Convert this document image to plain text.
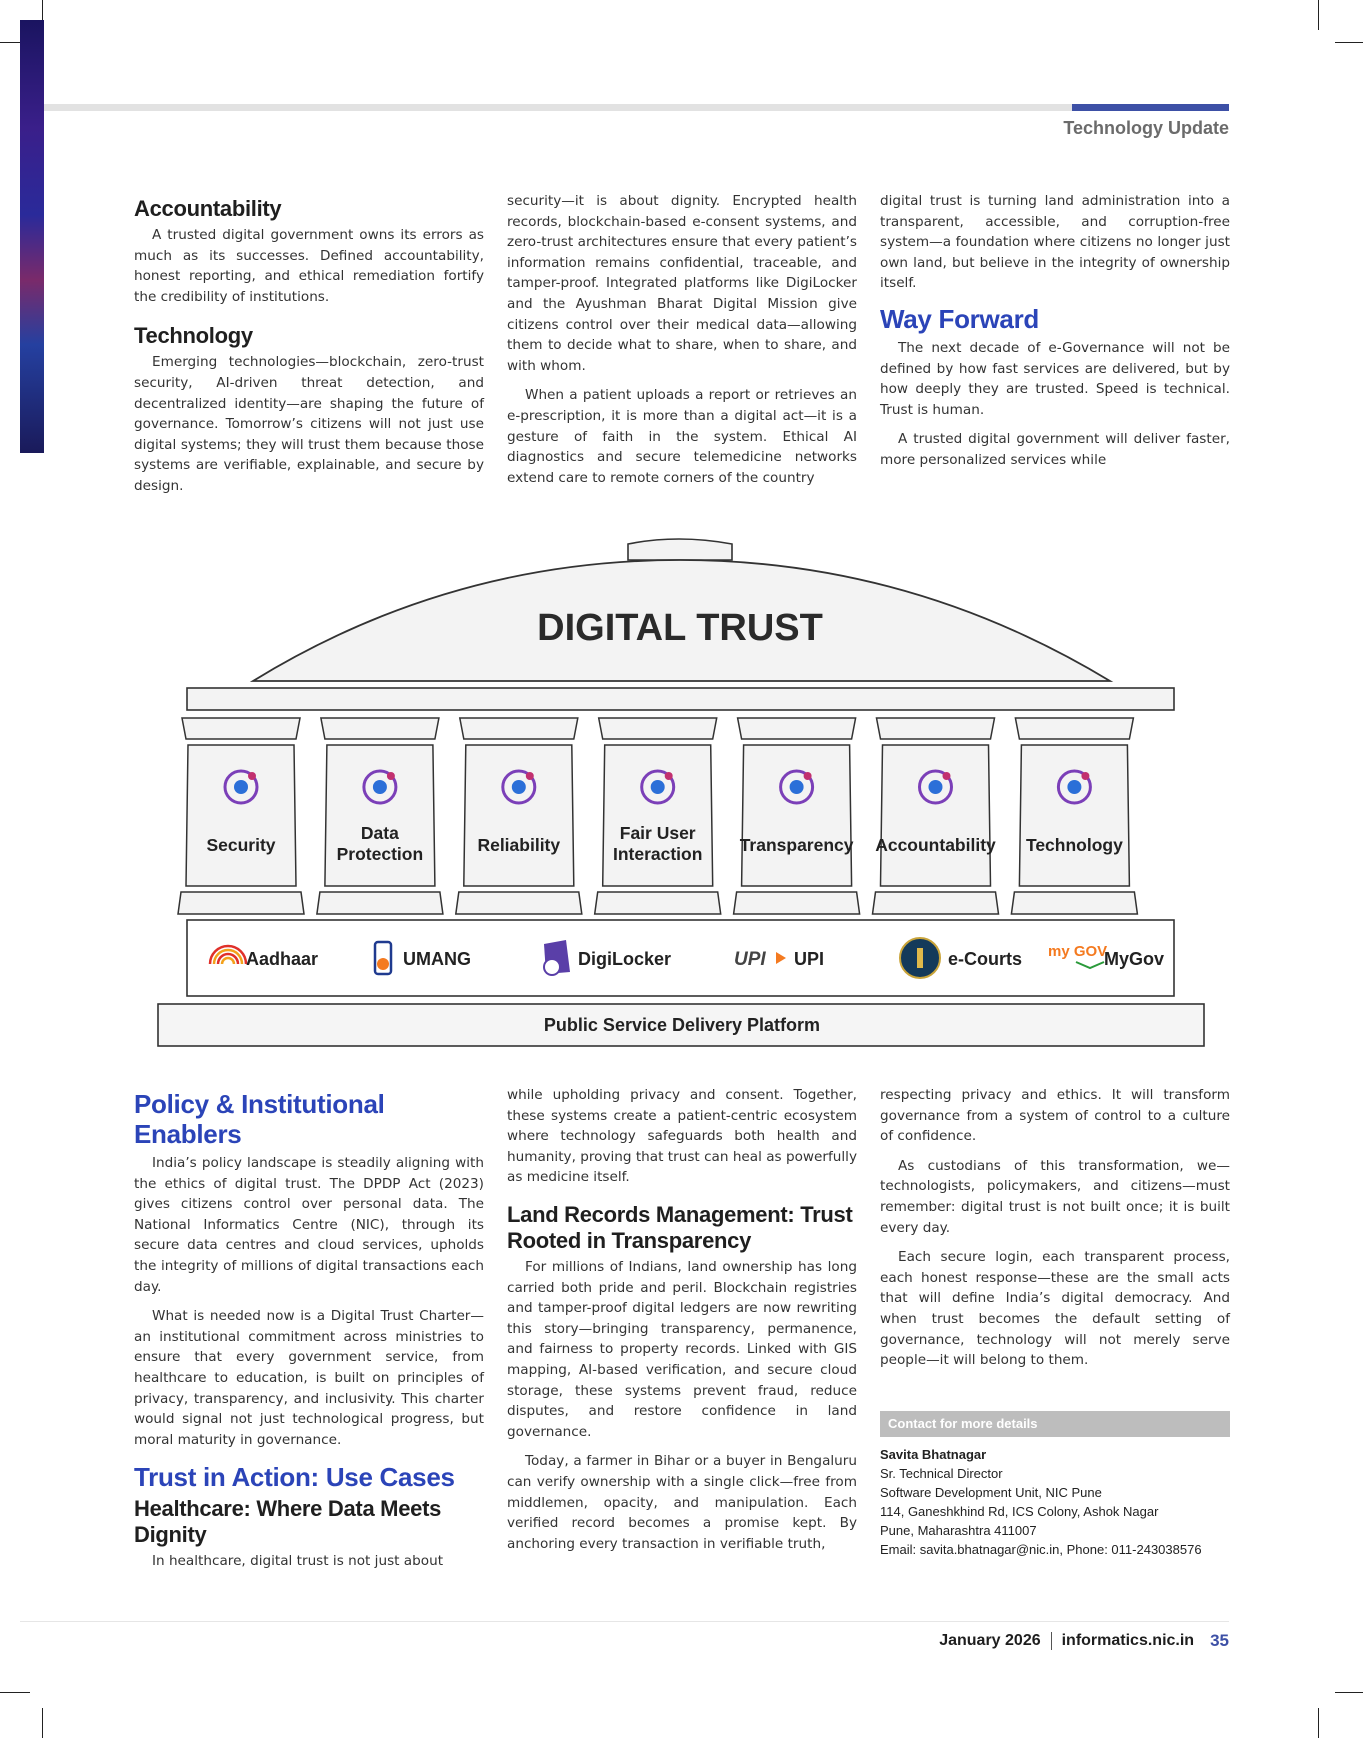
Technology Update
Accountability

A trusted digital government owns its errors as much as its successes. Defined accountability, honest reporting, and ethical remediation fortify the credibility of institutions.

Technology

Emerging technologies—blockchain, zero-trust security, AI-driven threat detection, and decentralized identity—are shaping the future of governance. Tomorrow’s citizens will not just use digital systems; they will trust them because those systems are verifiable, explainable, and secure by design.

security—it is about dignity. Encrypted health records, blockchain-based e-consent systems, and zero-trust architectures ensure that every patient’s information remains confidential, traceable, and tamper-proof. Integrated platforms like DigiLocker and the Ayushman Bharat Digital Mission give citizens control over their medical data—allowing them to decide what to share, when to share, and with whom.

When a patient uploads a report or retrieves an e-prescription, it is more than a digital act—it is a gesture of faith in the system. Ethical AI diagnostics and secure telemedicine networks extend care to remote corners of the country

digital trust is turning land administration into a transparent, accessible, and corruption-free system—a foundation where citizens no longer just own land, but believe in the integrity of ownership itself.

Way Forward

The next decade of e-Governance will not be defined by how fast services are delivered, but by how deeply they are trusted. Speed is technical. Trust is human.

A trusted digital government will deliver faster, more personalized services while

DIGITAL TRUST
Security
Data Protection	Reliability
Fair User Interaction Transparency Accountability Technology
Aadhaar	UMANG	DigiLocker	UPI UPI	e-Courts my GOV
MyGov
Public Service Delivery Platform
Policy & Institutional Enablers

India’s policy landscape is steadily aligning with the ethics of digital trust. The DPDP Act (2023) gives citizens control over personal data. The National Informatics Centre (NIC), through its secure data centres and cloud services, upholds the integrity of millions of digital transactions each day.

What is needed now is a Digital Trust Charter—an institutional commitment across ministries to ensure that every government service, from healthcare to education, is built on principles of privacy, transparency, and inclusivity. This charter would signal not just technological progress, but moral maturity in governance.

Trust in Action: Use Cases
Healthcare: Where Data Meets Dignity

In healthcare, digital trust is not just about

while upholding privacy and consent. Together, these systems create a patient-centric ecosystem where technology safeguards both health and humanity, proving that trust can heal as powerfully as medicine itself.

Land Records Management: Trust Rooted in Transparency

For millions of Indians, land ownership has long carried both pride and peril. Blockchain registries and tamper-proof digital ledgers are now rewriting this story—bringing transparency, permanence, and fairness to property records. Linked with GIS mapping, AI-based verification, and secure cloud storage, these systems prevent fraud, reduce disputes, and restore confidence in land governance.

Today, a farmer in Bihar or a buyer in Bengaluru can verify ownership with a single click—free from middlemen, opacity, and manipulation. Each verified record becomes a promise kept. By anchoring every transaction in verifiable truth,

respecting privacy and ethics. It will transform governance from a system of control to a culture of confidence.

As custodians of this transformation, we—technologists, policymakers, and citizens—must remember: digital trust is not built once; it is built every day.

Each secure login, each transparent process, each honest response—these are the small acts that will define India’s digital democracy. And when trust becomes the default setting of governance, technology will not merely serve people—it will belong to them.

Contact for more details
Savita Bhatnagar
Sr. Technical Director
Software Development Unit, NIC Pune
114, Ganeshkhind Rd, ICS Colony, Ashok Nagar
Pune, Maharashtra 411007
Email: savita.bhatnagar@nic.in, Phone: 011-243038576
January 2026 informatics.nic.in 35
